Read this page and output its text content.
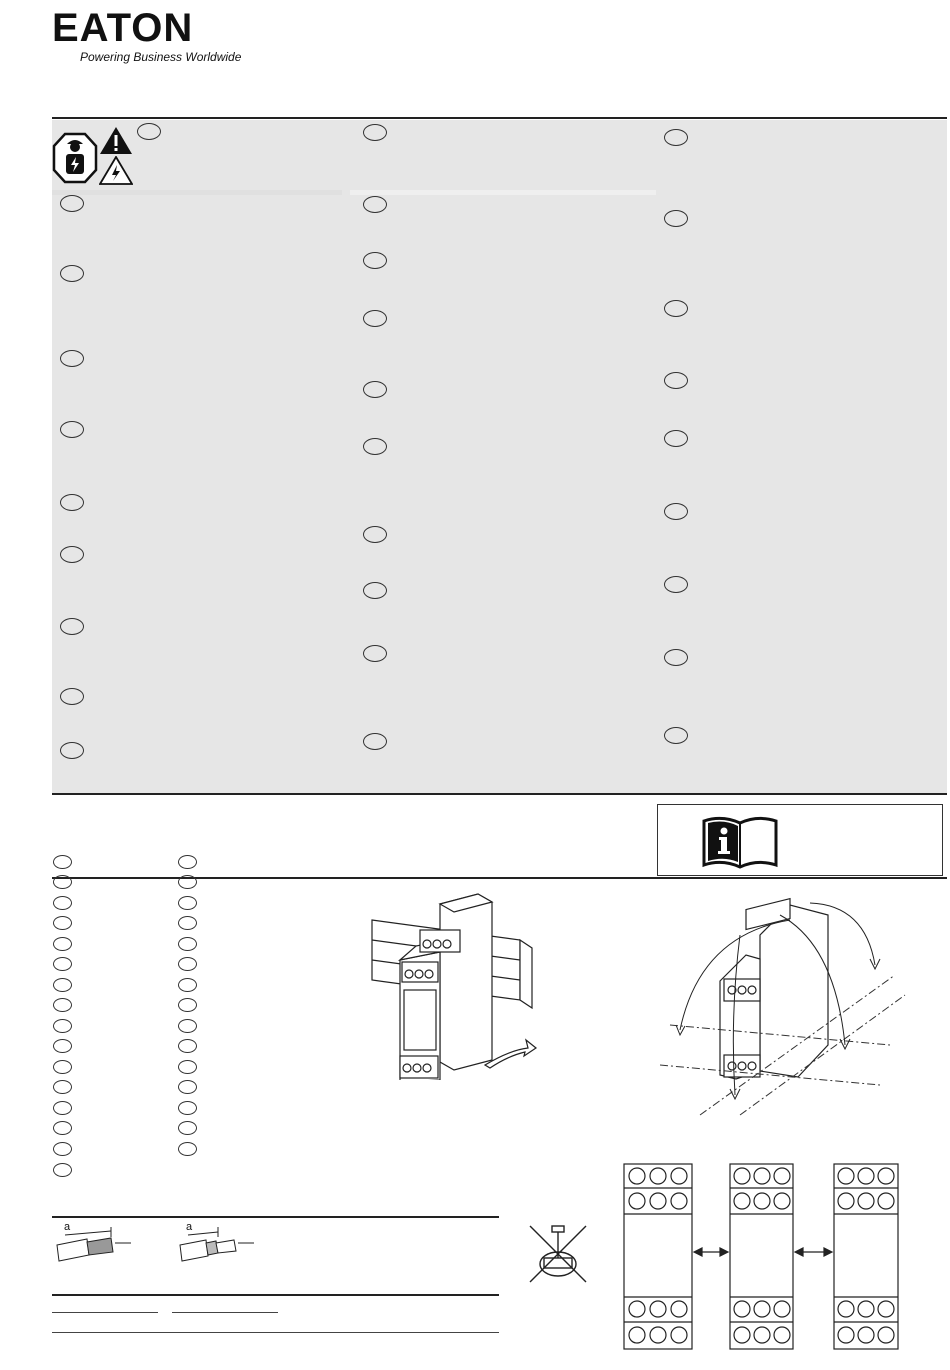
EATON
Powering Business Worldwide
a	a
